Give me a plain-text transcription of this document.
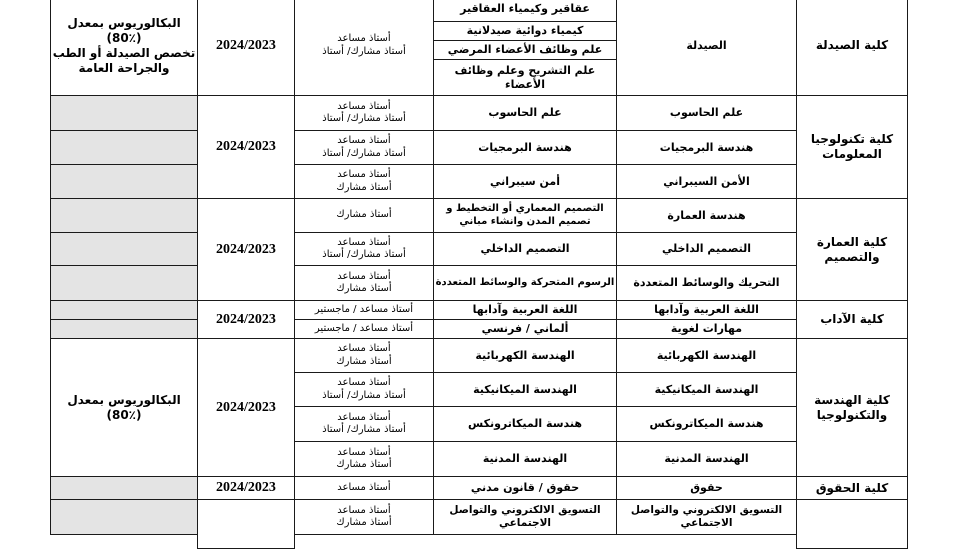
كلية الصيدلة
الصيدلة
عقاقير وكيمياء العقاقير
كيمياء دوائية صيدلانية
علم وظائف الأعضاء المرضي
علم التشريح وعلم وظائف الأعضاء
أستاذ مساعد
أستاذ مشارك/ أستاذ
2024/2023
البكالوريوس بمعدل
(80٪)
تخصص الصيدلة أو الطب والجراحة العامة
كلية تكنولوجيا المعلومات
علم الحاسوب
هندسة البرمجيات
الأمن السيبراني
علم الحاسوب
هندسة البرمجيات
أمن سيبراني
أستاذ مساعد
أستاذ مشارك/ أستاذ
أستاذ مساعد
أستاذ مشارك/ أستاذ
أستاذ مساعد
أستاذ مشارك
2024/2023
كلية العمارة والتصميم
هندسة العمارة
التصميم الداخلي
التحريك والوسائط المتعددة
التصميم المعماري أو التخطيط و تصميم المدن وانشاء مباني
التصميم الداخلي
الرسوم المتحركة والوسائط المتعددة
أستاذ مشارك
أستاذ مساعد
أستاذ مشارك/ أستاذ
أستاذ مساعد
أستاذ مشارك
2024/2023
كلية الآداب
اللغة العربية وآدابها
مهارات لغوية
اللغة العربية وآدابها
ألماني / فرنسي
أستاذ مساعد / ماجستير
أستاذ مساعد / ماجستير
2024/2023
كلية الهندسة والتكنولوجيا
الهندسة الكهربائية
الهندسة الميكانيكية
هندسة الميكاترونكس
الهندسة المدنية
الهندسة الكهربائية
الهندسة الميكانيكية
هندسة الميكاترونكس
الهندسة المدنية
أستاذ مساعد
أستاذ مشارك
أستاذ مساعد
أستاذ مشارك/ أستاذ
أستاذ مساعد
أستاذ مشارك/ أستاذ
أستاذ مساعد
أستاذ مشارك
2024/2023
البكالوريوس بمعدل
(80٪)
كلية الحقوق
حقوق
حقوق / قانون مدني
أستاذ مساعد
2024/2023
التسويق الالكتروني والتواصل الاجتماعي
التسويق الالكتروني والتواصل الاجتماعي
أستاذ مساعد
أستاذ مشارك
